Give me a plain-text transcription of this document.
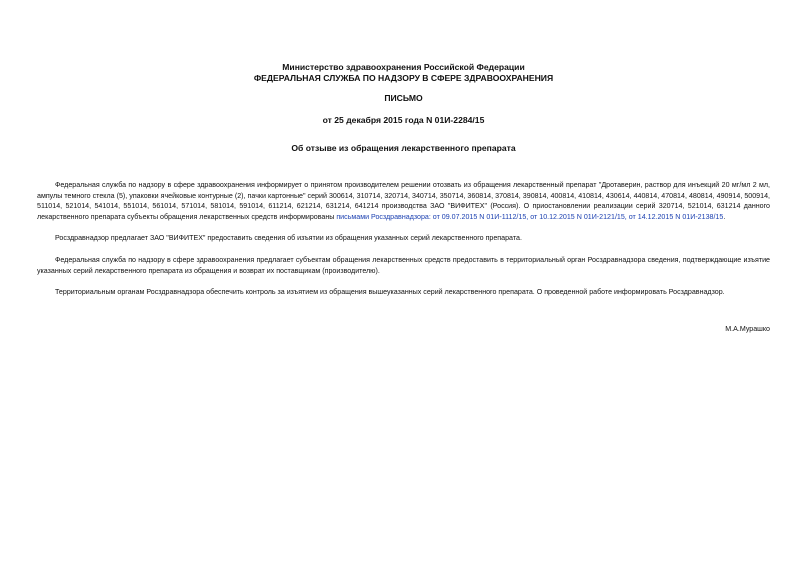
Министерство здравоохранения Российской Федерации

ФЕДЕРАЛЬНАЯ СЛУЖБА ПО НАДЗОРУ В СФЕРЕ ЗДРАВООХРАНЕНИЯ

ПИСЬМО

от 25 декабря 2015 года N 01И-2284/15

Об отзыве из обращения лекарственного препарата

Федеральная служба по надзору в сфере здравоохранения информирует о принятом производителем решении отозвать из обращения лекарственный препарат "Дротаверин, раствор для инъекций 20 мг/мл 2 мл, ампулы темного стекла (5), упаковки ячейковые контурные (2), пачки картонные" серий 300614, 310714, 320714, 340714, 350714, 360814, 370814, 390814, 400814, 410814, 430614, 440814, 470814, 480814, 490914, 500914, 511014, 521014, 541014, 551014, 561014, 571014, 581014, 591014, 611214, 621214, 631214, 641214 производства ЗАО "ВИФИТЕХ" (Россия). О приостановлении реализации серий 320714, 521014, 631214 данного лекарственного препарата субъекты обращения лекарственных средств информированы письмами Росздравнадзора: от 09.07.2015 N 01И-1112/15, от 10.12.2015 N 01И-2121/15, от 14.12.2015 N 01И-2138/15.

Росздравнадзор предлагает ЗАО "ВИФИТЕХ" предоставить сведения об изъятии из обращения указанных серий лекарственного препарата.

Федеральная служба по надзору в сфере здравоохранения предлагает субъектам обращения лекарственных средств предоставить в территориальный орган Росздравнадзора сведения, подтверждающие изъятие указанных серий лекарственного препарата из обращения и возврат их поставщикам (производителю).

Территориальным органам Росздравнадзора обеспечить контроль за изъятием из обращения вышеуказанных серий лекарственного препарата. О проведенной работе информировать Росздравнадзор.

М.А.Мурашко
